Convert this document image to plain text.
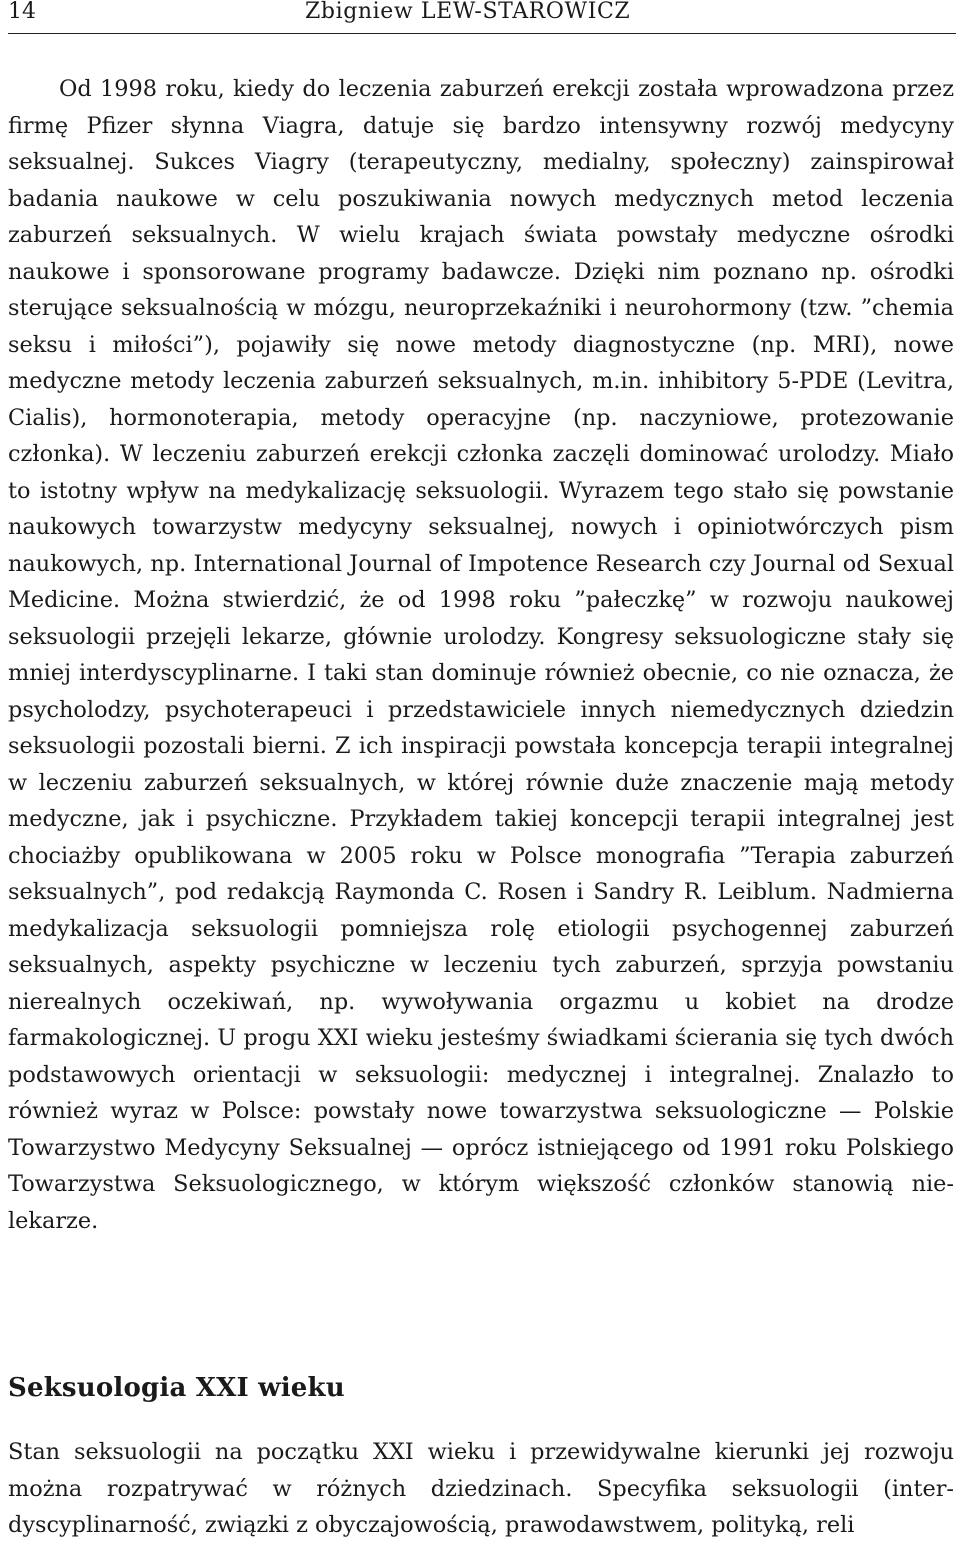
14	Zbigniew LEW-STAROWICZ

Od 1998 roku, kiedy do leczenia zaburzeń erekcji została wprowadzona przez firmę Pfizer słynna Viagra, datuje się bardzo intensywny rozwój medycyny seksualnej. Sukces Viagry (terapeutyczny, medialny, społeczny) zainspirował badania naukowe w celu poszukiwania nowych medycznych metod leczenia zaburzeń seksualnych. W wielu krajach świata powstały medyczne ośrodki naukowe i sponsorowane programy badawcze. Dzięki nim poznano np. ośrodki sterujące seksualnością w mózgu, neuroprzekaźniki i neurohormony (tzw. ”chemia seksu i miłości”), pojawiły się nowe metody diagnostyczne (np. MRI), nowe medyczne metody leczenia zaburzeń seksualnych, m.in. inhibitory 5-PDE (Levitra, Cialis), hormonoterapia, metody operacyjne (np. naczyniowe, protezowanie członka). W leczeniu zaburzeń erekcji członka zaczęli dominować urolodzy. Miało to istotny wpływ na medykalizację seksuologii. Wyrazem tego stało się powstanie naukowych towarzystw medycyny seksualnej, nowych i opiniotwórczych pism naukowych, np. International Journal of Impotence Research czy Journal od Sexual Medicine. Można stwierdzić, że od 1998 roku ”pałeczkę” w rozwoju naukowej seksuologii przejęli lekarze, głównie urolodzy. Kongresy seksuologiczne stały się mniej interdyscyplinarne. I taki stan dominuje również obecnie, co nie oznacza, że psycholodzy, psychoterapeuci i przedstawiciele innych niemedycznych dziedzin seksuologii pozostali bierni. Z ich inspiracji powstała koncepcja terapii integralnej w leczeniu zaburzeń seksualnych, w której równie duże znaczenie mają metody medyczne, jak i psychiczne. Przykładem takiej koncepcji terapii integralnej jest chociażby opublikowana w 2005 roku w Polsce monografia ”Terapia zaburzeń seksualnych”, pod redakcją Raymonda C. Rosen i Sandry R. Leiblum. Nadmierna medykalizacja seksuologii pomniejsza rolę etiologii psychogennej zaburzeń seksualnych, aspekty psychiczne w leczeniu tych zaburzeń, sprzyja powstaniu nierealnych oczekiwań, np. wywoływania orgazmu u kobiet na drodze farmakologicznej. U progu XXI wieku jesteśmy świadkami ścierania się tych dwóch podstawowych orientacji w seksuologii: medycznej i integralnej. Znalazło to również wyraz w Polsce: powstały nowe towarzystwa seksuologiczne — Polskie Towarzystwo Medycyny Seksualnej — oprócz istniejącego od 1991 roku Polskiego Towarzystwa Seksuologicznego, w którym większość członków stanowią nielekarze.

Seksuologia XXI wieku

Stan seksuologii na początku XXI wieku i przewidywalne kierunki jej rozwoju można rozpatrywać w różnych dziedzinach. Specyfika seksuologii (interdyscyplinarność, związki z obyczajowością, prawodawstwem, polityką, reli
